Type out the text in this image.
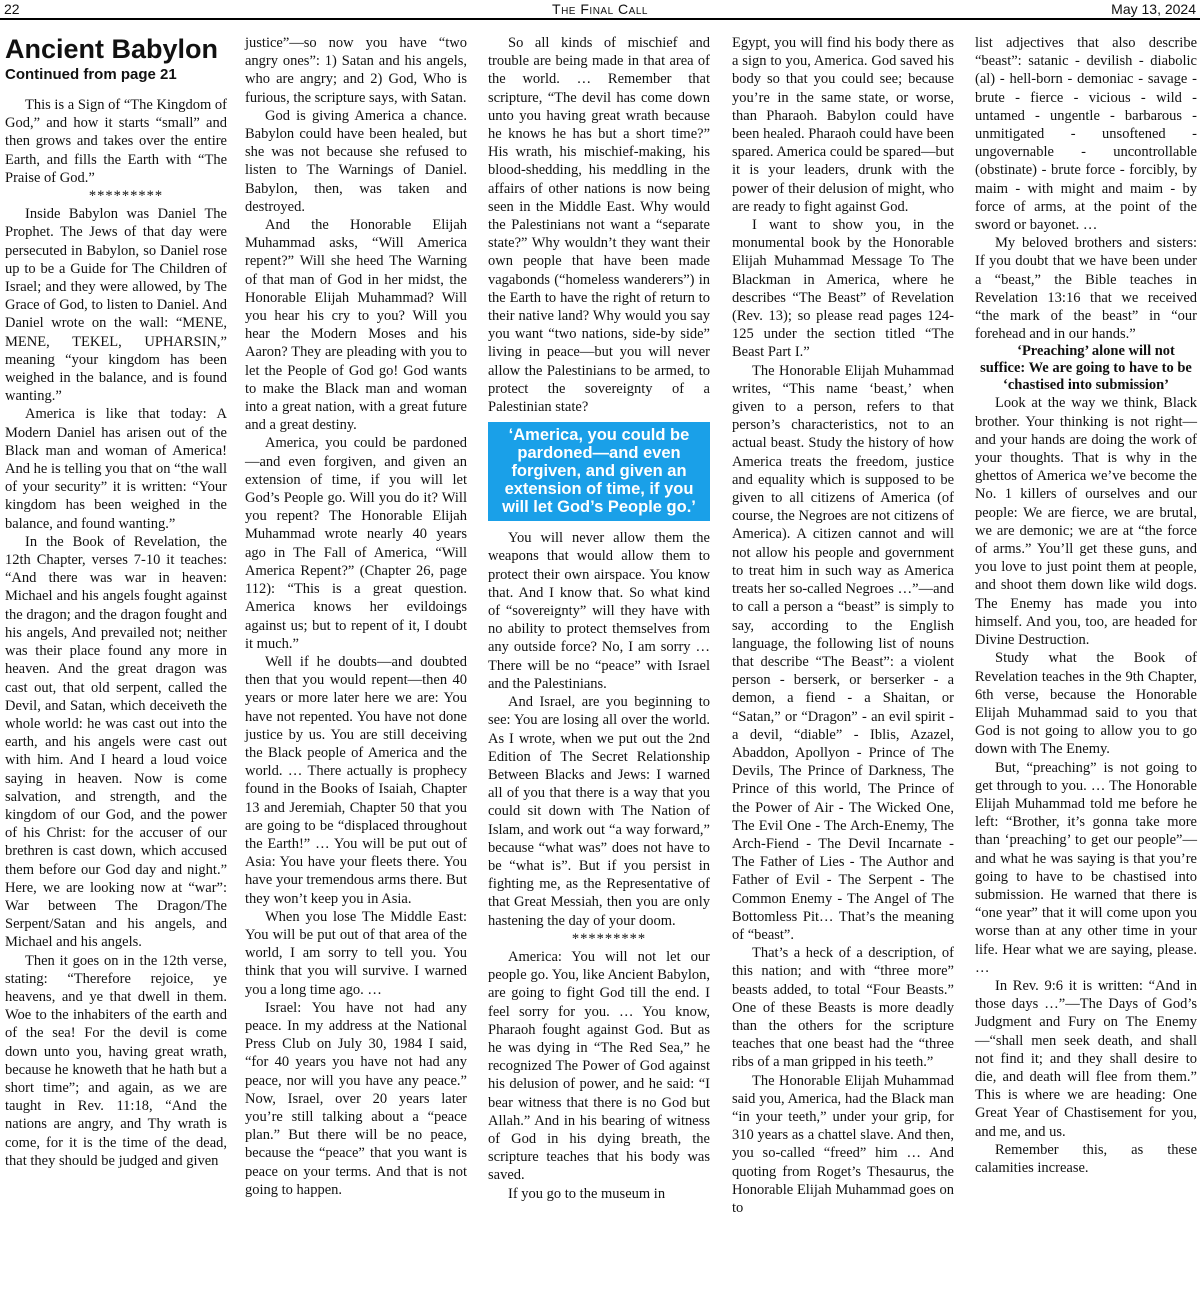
22	The Final Call	May 13, 2024
Ancient Babylon
Continued from page 21

This is a Sign of “The Kingdom of God,” and how it starts “small” and then grows and takes over the entire Earth, and fills the Earth with “The Praise of God.”

*********

Inside Babylon was Daniel The Prophet. The Jews of that day were persecuted in Babylon, so Daniel rose up to be a Guide for The Children of Israel; and they were allowed, by The Grace of God, to listen to Daniel. And Daniel wrote on the wall: “MENE, MENE, TEKEL, UPHARSIN,” meaning “your kingdom has been weighed in the balance, and is found wanting.”

America is like that today: A Modern Daniel has arisen out of the Black man and woman of America! And he is telling you that on “the wall of your security” it is written: “Your kingdom has been weighed in the balance, and found wanting.”

In the Book of Revelation, the 12th Chapter, verses 7-10 it teaches: “And there was war in heaven: Michael and his angels fought against the dragon; and the dragon fought and his angels, And prevailed not; neither was their place found any more in heaven. And the great dragon was cast out, that old serpent, called the Devil, and Satan, which deceiveth the whole world: he was cast out into the earth, and his angels were cast out with him. And I heard a loud voice saying in heaven. Now is come salvation, and strength, and the kingdom of our God, and the power of his Christ: for the accuser of our brethren is cast down, which accused them before our God day and night.” Here, we are looking now at “war”: War between The Dragon/The Serpent/Satan and his angels, and Michael and his angels.

Then it goes on in the 12th verse, stating: “Therefore rejoice, ye heavens, and ye that dwell in them. Woe to the inhabiters of the earth and of the sea! For the devil is come down unto you, having great wrath, because he knoweth that he hath but a short time”; and again, as we are taught in Rev. 11:18, “And the nations are angry, and Thy wrath is come, for it is the time of the dead, that they should be judged and given

justice”—so now you have “two angry ones”: 1) Satan and his angels, who are angry; and 2) God, Who is furious, the scripture says, with Satan.

God is giving America a chance. Babylon could have been healed, but she was not because she refused to listen to The Warnings of Daniel. Babylon, then, was taken and destroyed.

And the Honorable Elijah Muhammad asks, “Will America repent?” Will she heed The Warning of that man of God in her midst, the Honorable Elijah Muhammad? Will you hear his cry to you? Will you hear the Modern Moses and his Aaron? They are pleading with you to let the People of God go! God wants to make the Black man and woman into a great nation, with a great future and a great destiny.

America, you could be pardoned—and even forgiven, and given an extension of time, if you will let God’s People go. Will you do it? Will you repent? The Honorable Elijah Muhammad wrote nearly 40 years ago in The Fall of America, “Will America Repent?” (Chapter 26, page 112): “This is a great question. America knows her evildoings against us; but to repent of it, I doubt it much.”

Well if he doubts—and doubted then that you would repent—then 40 years or more later here we are: You have not repented. You have not done justice by us. You are still deceiving the Black people of America and the world. … There actually is prophecy found in the Books of Isaiah, Chapter 13 and Jeremiah, Chapter 50 that you are going to be “displaced throughout the Earth!” … You will be put out of Asia: You have your fleets there. You have your tremendous arms there. But they won’t keep you in Asia.

When you lose The Middle East: You will be put out of that area of the world, I am sorry to tell you. You think that you will survive. I warned you a long time ago. …

Israel: You have not had any peace. In my address at the National Press Club on July 30, 1984 I said, “for 40 years you have not had any peace, nor will you have any peace.” Now, Israel, over 20 years later you’re still talking about a “peace plan.” But there will be no peace, because the “peace” that you want is peace on your terms. And that is not going to happen.

So all kinds of mischief and trouble are being made in that area of the world. … Remember that scripture, “The devil has come down unto you having great wrath because he knows he has but a short time?” His wrath, his mischief-making, his blood-shedding, his meddling in the affairs of other nations is now being seen in the Middle East. Why would the Palestinians not want a “separate state?” Why wouldn’t they want their own people that have been made vagabonds (“homeless wanderers”) in the Earth to have the right of return to their native land? Why would you say you want “two nations, side-by side” living in peace—but you will never allow the Palestinians to be armed, to protect the sovereignty of a Palestinian state?

‘America, you could be pardoned—and even forgiven, and given an extension of time, if you will let God’s People go.’

You will never allow them the weapons that would allow them to protect their own airspace. You know that. And I know that. So what kind of “sovereignty” will they have with no ability to protect themselves from any outside force? No, I am sorry … There will be no “peace” with Israel and the Palestinians.

And Israel, are you beginning to see: You are losing all over the world. As I wrote, when we put out the 2nd Edition of The Secret Relationship Between Blacks and Jews: I warned all of you that there is a way that you could sit down with The Nation of Islam, and work out “a way forward,” because “what was” does not have to be “what is”. But if you persist in fighting me, as the Representative of that Great Messiah, then you are only hastening the day of your doom.

*********

America: You will not let our people go. You, like Ancient Babylon, are going to fight God till the end. I feel sorry for you. … You know, Pharaoh fought against God. But as he was dying in “The Red Sea,” he recognized The Power of God against his delusion of power, and he said: “I bear witness that there is no God but Allah.” And in his bearing of witness of God in his dying breath, the scripture teaches that his body was saved.

If you go to the museum in

Egypt, you will find his body there as a sign to you, America. God saved his body so that you could see; because you’re in the same state, or worse, than Pharaoh. Babylon could have been healed. Pharaoh could have been spared. America could be spared—but it is your leaders, drunk with the power of their delusion of might, who are ready to fight against God.

I want to show you, in the monumental book by the Honorable Elijah Muhammad Message To The Blackman in America, where he describes “The Beast” of Revelation (Rev. 13); so please read pages 124-125 under the section titled “The Beast Part I.”

The Honorable Elijah Muhammad writes, “This name ‘beast,’ when given to a person, refers to that person’s characteristics, not to an actual beast. Study the history of how America treats the freedom, justice and equality which is supposed to be given to all citizens of America (of course, the Negroes are not citizens of America). A citizen cannot and will not allow his people and government to treat him in such way as America treats her so-called Negroes …”—and to call a person a “beast” is simply to say, according to the English language, the following list of nouns that describe “The Beast”: a violent person - berserk, or berserker - a demon, a fiend - a Shaitan, or “Satan,” or “Dragon” - an evil spirit - a devil, “diable” - Iblis, Azazel, Abaddon, Apollyon - Prince of The Devils, The Prince of Darkness, The Prince of this world, The Prince of the Power of Air - The Wicked One, The Evil One - The Arch-Enemy, The Arch-Fiend - The Devil Incarnate - The Father of Lies - The Author and Father of Evil - The Serpent - The Common Enemy - The Angel of The Bottomless Pit… That’s the meaning of “beast”.

That’s a heck of a description, of this nation; and with “three more” beasts added, to total “Four Beasts.” One of these Beasts is more deadly than the others for the scripture teaches that one beast had the “three ribs of a man gripped in his teeth.”

The Honorable Elijah Muhammad said you, America, had the Black man “in your teeth,” under your grip, for 310 years as a chattel slave. And then, you so-called “freed” him … And quoting from Roget’s Thesaurus, the Honorable Elijah Muhammad goes on to

list adjectives that also describe “beast”: satanic - devilish - diabolic (al) - hell-born - demoniac - savage - brute - fierce - vicious - wild - untamed - ungentle - barbarous - unmitigated - unsoftened - ungovernable - uncontrollable (obstinate) - brute force - forcibly, by maim - with might and maim - by force of arms, at the point of the sword or bayonet. …

My beloved brothers and sisters: If you doubt that we have been under a “beast,” the Bible teaches in Revelation 13:16 that we received “the mark of the beast” in “our forehead and in our hands.”

‘Preaching’ alone will not suffice: We are going to have to be ‘chastised into submission’

Look at the way we think, Black brother. Your thinking is not right—and your hands are doing the work of your thoughts. That is why in the ghettos of America we’ve become the No. 1 killers of ourselves and our people: We are fierce, we are brutal, we are demonic; we are at “the force of arms.” You’ll get these guns, and you love to just point them at people, and shoot them down like wild dogs. The Enemy has made you into himself. And you, too, are headed for Divine Destruction.

Study what the Book of Revelation teaches in the 9th Chapter, 6th verse, because the Honorable Elijah Muhammad said to you that God is not going to allow you to go down with The Enemy.

But, “preaching” is not going to get through to you. … The Honorable Elijah Muhammad told me before he left: “Brother, it’s gonna take more than ‘preaching’ to get our people”—and what he was saying is that you’re going to have to be chastised into submission. He warned that there is “one year” that it will come upon you worse than at any other time in your life. Hear what we are saying, please. …

In Rev. 9:6 it is written: “And in those days …”—The Days of God’s Judgment and Fury on The Enemy—“shall men seek death, and shall not find it; and they shall desire to die, and death will flee from them.” This is where we are heading: One Great Year of Chastisement for you, and me, and us.

Remember this, as these calamities increase.
